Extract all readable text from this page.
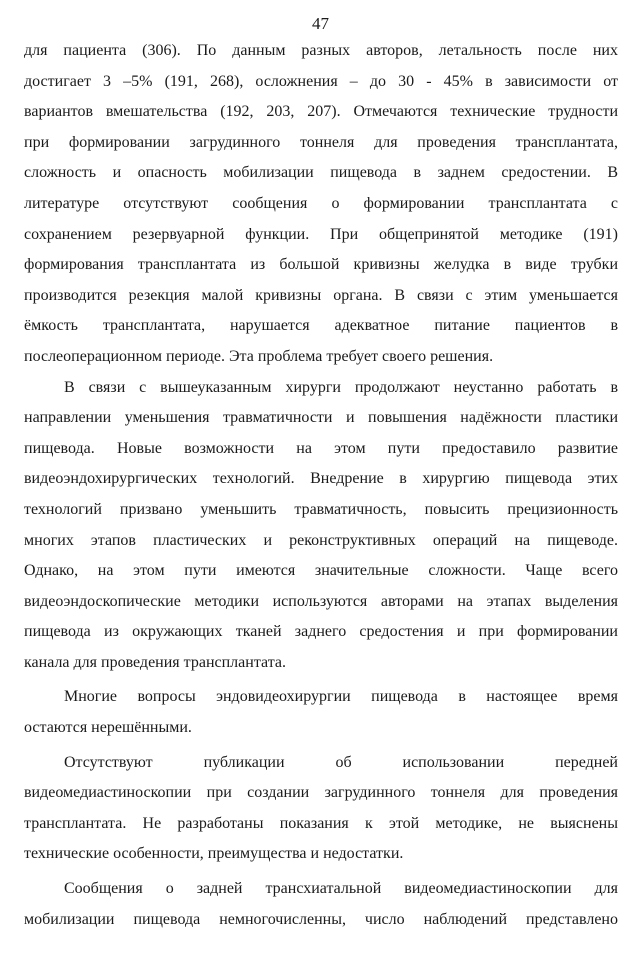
47
для пациента (306). По данным разных авторов, летальность после них
достигает 3 –5% (191, 268), осложнения – до 30 - 45% в зависимости от
вариантов вмешательства (192, 203, 207). Отмечаются технические трудности
при формировании загрудинного тоннеля для проведения трансплантата,
сложность и опасность мобилизации пищевода в заднем средостении. В
литературе отсутствуют сообщения о формировании трансплантата с
сохранением резервуарной функции. При общепринятой методике (191)
формирования трансплантата из большой кривизны желудка в виде трубки
производится резекция малой кривизны органа. В связи с этим уменьшается
ёмкость трансплантата, нарушается адекватное питание пациентов в
послеоперационном периоде. Эта проблема требует своего решения.
В связи с вышеуказанным хирурги продолжают неустанно работать в
направлении уменьшения травматичности и повышения надёжности пластики
пищевода. Новые возможности на этом пути предоставило развитие
видеоэндохирургических технологий. Внедрение в хирургию пищевода этих
технологий призвано уменьшить травматичность, повысить прецизионность
многих этапов пластических и реконструктивных операций на пищеводе.
Однако, на этом пути имеются значительные сложности. Чаще всего
видеоэндоскопические методики используются авторами на этапах выделения
пищевода из окружающих тканей заднего средостения и при формировании
канала для проведения трансплантата.
Многие вопросы эндовидеохирургии пищевода в настоящее время
остаются нерешёнными.
Отсутствуют публикации об использовании передней
видеомедиастиноскопии при создании загрудинного тоннеля для проведения
трансплантата. Не разработаны показания к этой методике, не выяснены
технические особенности, преимущества и недостатки.
Сообщения о задней трансхиатальной видеомедиастиноскопии для
мобилизации пищевода немногочисленны, число наблюдений представлено
